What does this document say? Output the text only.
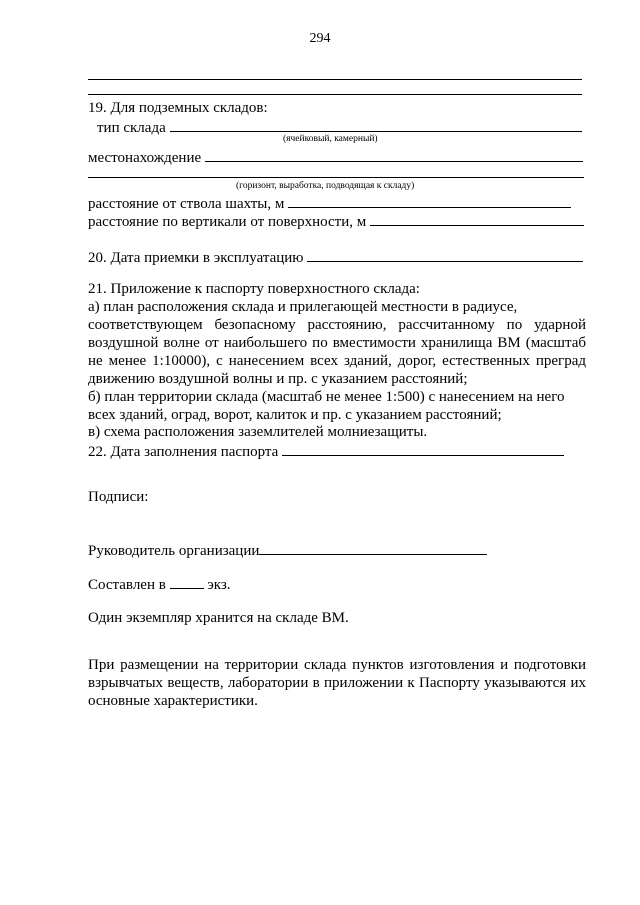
294
19. Для подземных складов:
тип склада
(ячейковый, камерный)
местонахождение
(горизонт, выработка, подводящая к складу)
расстояние от ствола шахты, м
расстояние по вертикали от поверхности, м
20. Дата приемки в эксплуатацию
21. Приложение к паспорту поверхностного склада:
а) план расположения склада и прилегающей местности в радиусе,
соответствующем безопасному расстоянию, рассчитанному по ударной
воздушной волне от наибольшего по вместимости хранилища ВМ (масштаб
не менее 1:10000), с нанесением всех зданий, дорог, естественных преград
движению воздушной волны и пр. с указанием расстояний;
б) план территории склада (масштаб не менее 1:500) с нанесением на него
всех зданий, оград, ворот, калиток и пр. с указанием расстояний;
в) схема расположения заземлителей молниезащиты.
22. Дата заполнения паспорта
Подписи:
Руководитель организации
Составлен в	экз.
Один экземпляр хранится на складе ВМ.
При размещении на территории склада пунктов изготовления и подготовки
взрывчатых веществ, лаборатории в приложении к Паспорту указываются их
основные характеристики.
